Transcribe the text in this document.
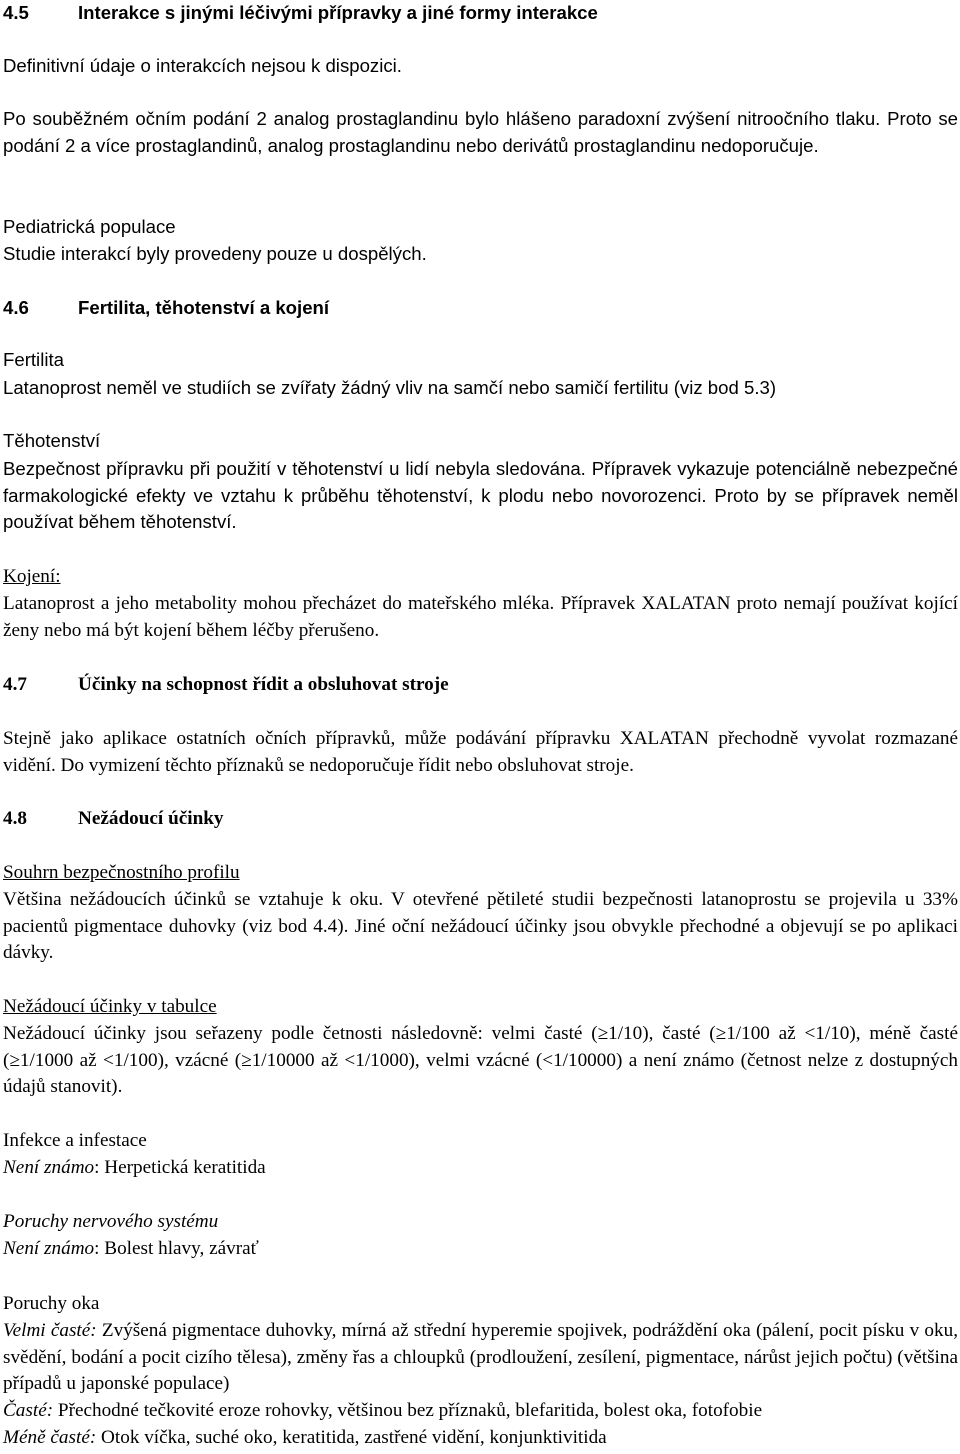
4.5	Interakce s jinými léčivými přípravky a jiné formy interakce

Definitivní údaje o interakcích nejsou k dispozici.

Po souběžném očním podání 2 analog prostaglandinu bylo hlášeno paradoxní zvýšení nitroočního tlaku. Proto se podání 2 a více prostaglandinů, analog prostaglandinu nebo derivátů prostaglandinu nedoporučuje.

Pediatrická populace

Studie interakcí byly provedeny pouze u dospělých.

4.6	Fertilita, těhotenství a kojení
Fertilita

Latanoprost neměl ve studiích se zvířaty žádný vliv na samčí nebo samičí fertilitu (viz bod 5.3)

Těhotenství

Bezpečnost přípravku při použití v těhotenství u lidí nebyla sledována. Přípravek vykazuje potenciálně nebezpečné farmakologické efekty ve vztahu k průběhu těhotenství, k plodu nebo novorozenci. Proto by se přípravek neměl používat během těhotenství.

Kojení:

Latanoprost a jeho metabolity mohou přecházet do mateřského mléka. Přípravek XALATAN proto nemají používat kojící ženy nebo má být kojení během léčby přerušeno.

4.7	Účinky na schopnost řídit a obsluhovat stroje

Stejně jako aplikace ostatních očních přípravků, může podávání přípravku XALATAN přechodně vyvolat rozmazané vidění. Do vymizení těchto příznaků se nedoporučuje řídit nebo obsluhovat stroje.

4.8	Nežádoucí účinky
Souhrn bezpečnostního profilu

Většina nežádoucích účinků se vztahuje k oku. V otevřené pětileté studii bezpečnosti latanoprostu se projevila u 33% pacientů pigmentace duhovky (viz bod 4.4). Jiné oční nežádoucí účinky jsou obvykle přechodné a objevují se po aplikaci dávky.

Nežádoucí účinky v tabulce

Nežádoucí účinky jsou seřazeny podle četnosti následovně: velmi časté (≥1/10), časté (≥1/100 až <1/10), méně časté (≥1/1000 až <1/100), vzácné (≥1/10000 až <1/1000), velmi vzácné (<1/10000) a není známo (četnost nelze z dostupných údajů stanovit).

Infekce a infestace

Není známo: Herpetická keratitida

Poruchy nervového systému

Není známo: Bolest hlavy, závrať

Poruchy oka

Velmi časté: Zvýšená pigmentace duhovky, mírná až střední hyperemie spojivek, podráždění oka (pálení, pocit písku v oku, svědění, bodání a pocit cizího tělesa), změny řas a chloupků (prodloužení, zesílení, pigmentace, nárůst jejich počtu) (většina případů u japonské populace)

Časté: Přechodné tečkovité eroze rohovky, většinou bez příznaků, blefaritida, bolest oka, fotofobie

Méně časté: Otok víčka, suché oko, keratitida, zastřené vidění, konjunktivitida
